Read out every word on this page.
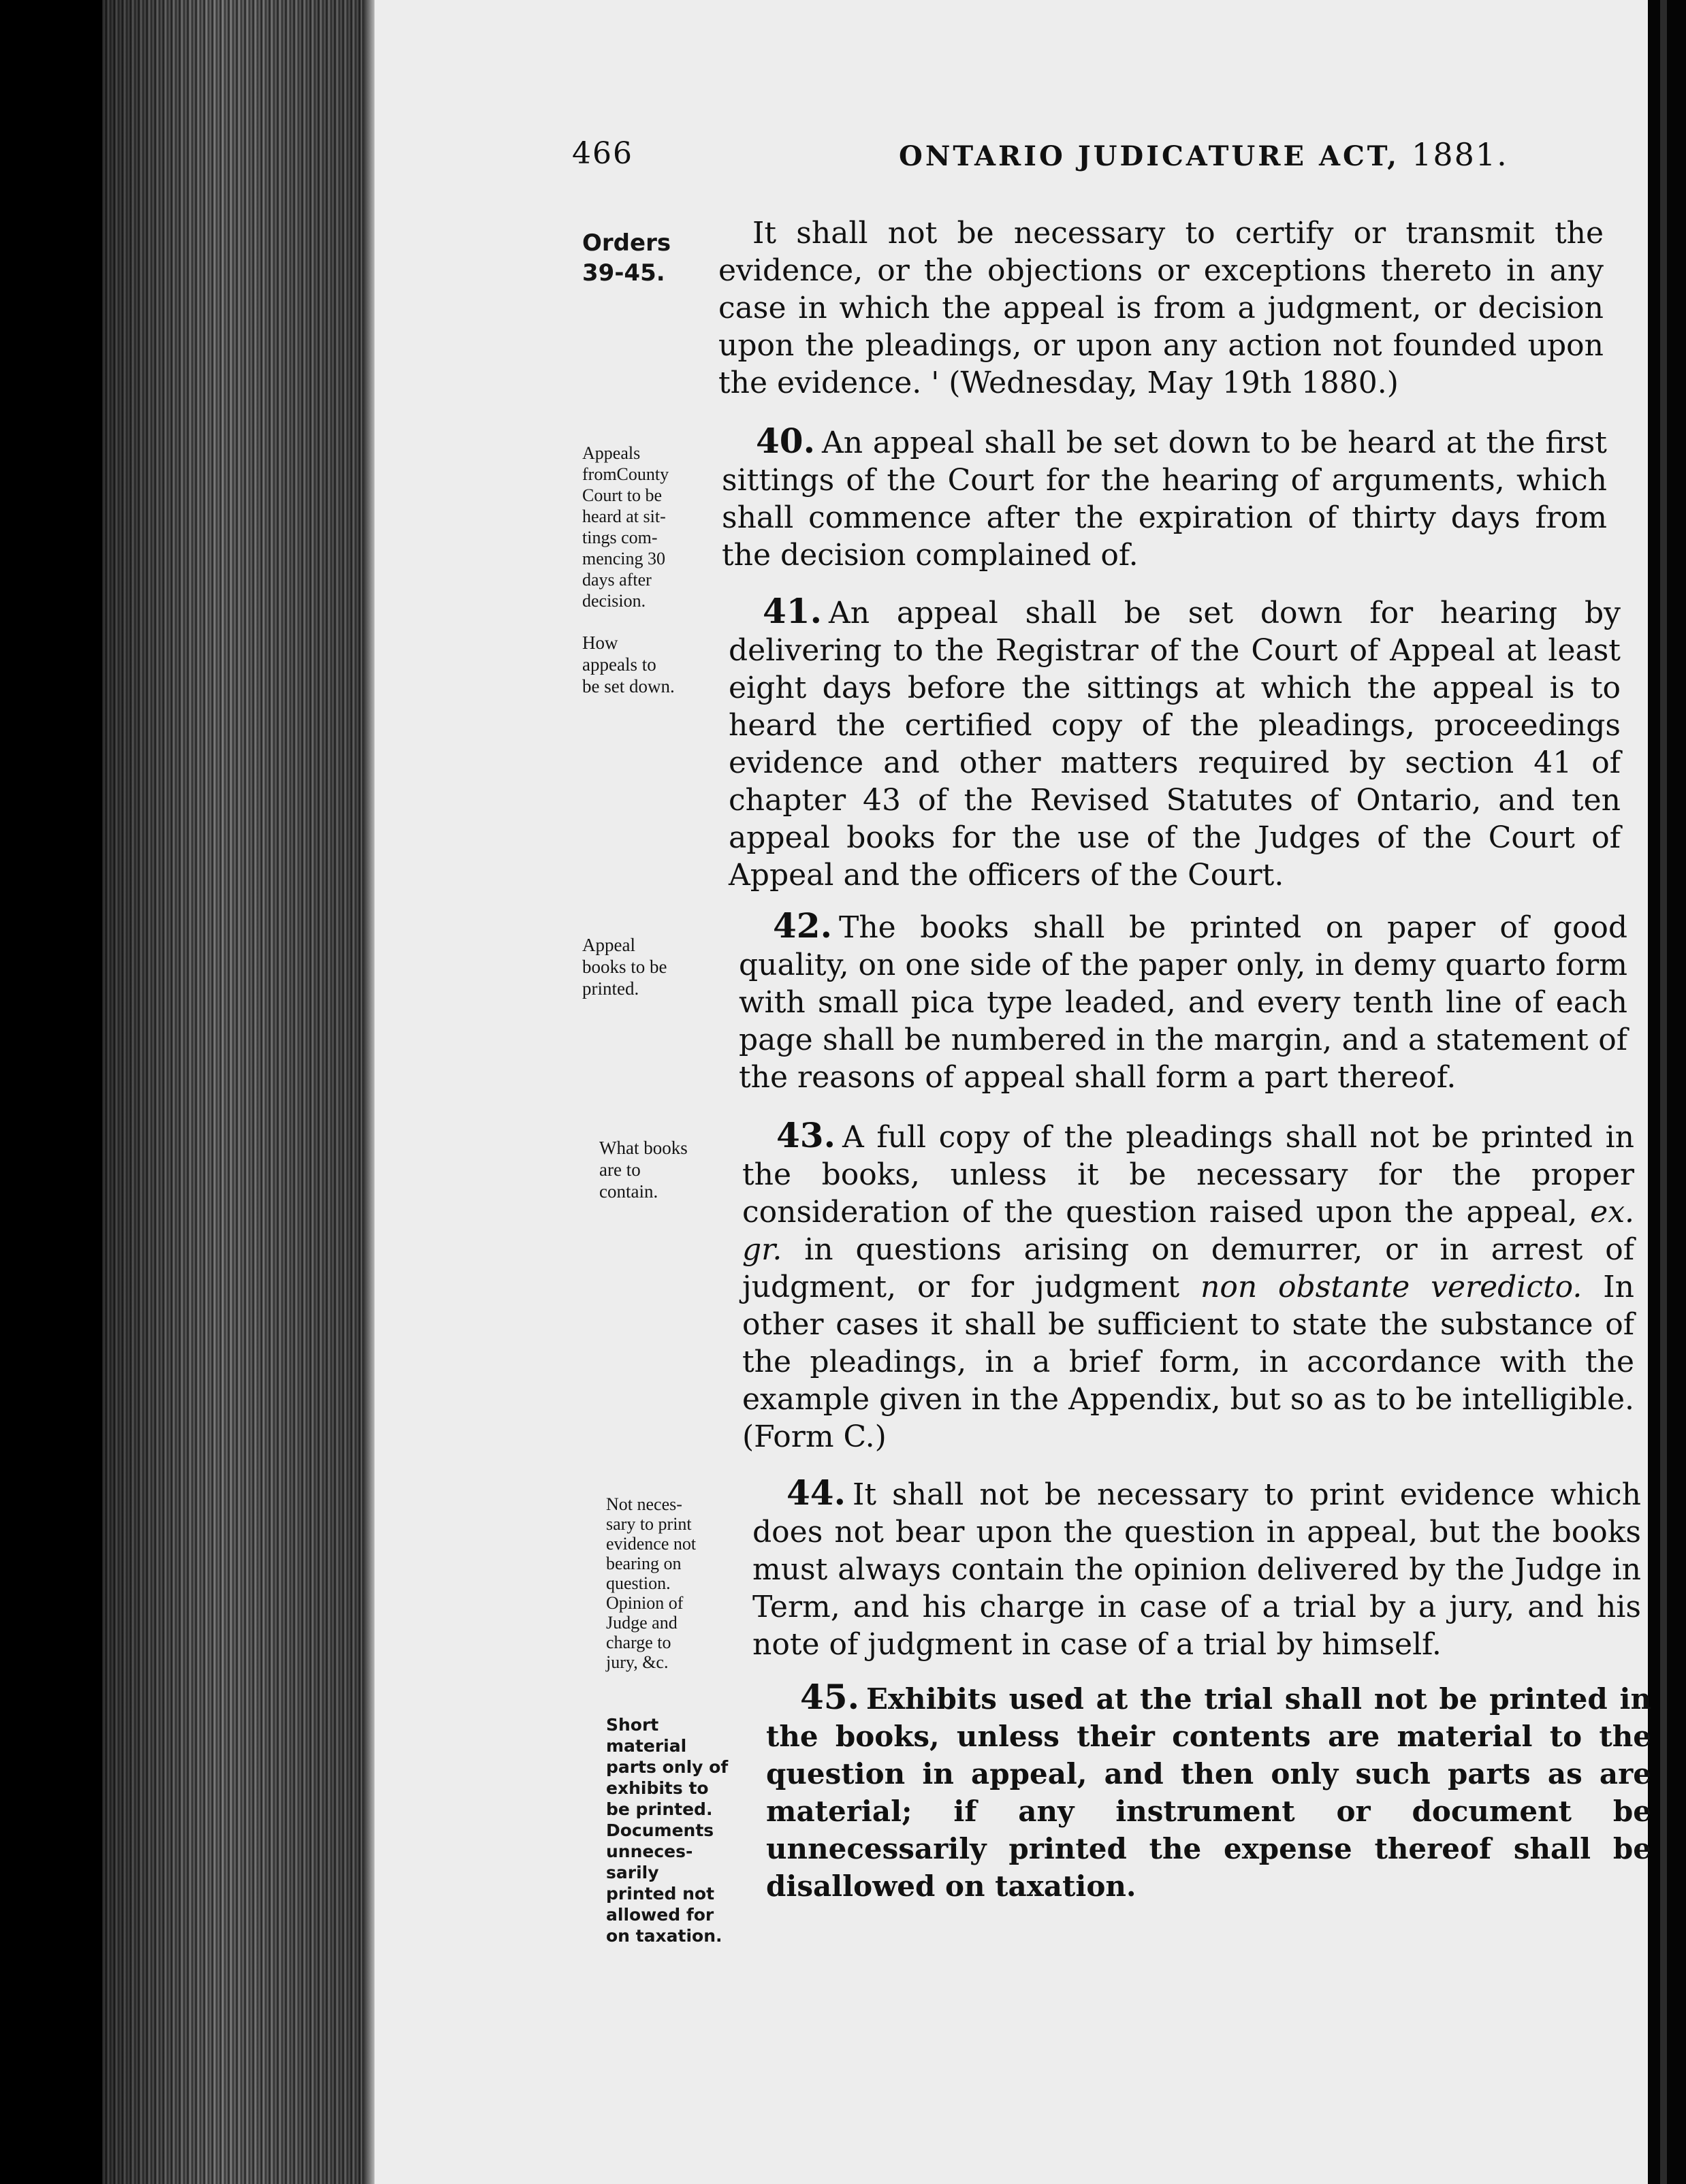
466	ONTARIO JUDICATURE ACT, 1881.
Orders
39-45.
Appeals
fromCounty
Court to be
heard at sit-
tings com-
mencing 30
days after
decision.
How
appeals to
be set down.
Appeal
books to be
printed.
What books
are to
contain.
Not neces-
sary to print
evidence not
bearing on
question.
Opinion of
Judge and
charge to
jury, &c.
Short
material
parts only of
exhibits to
be printed.
Documents
unneces-
sarily
printed not
allowed for
on taxation.
It shall not be necessary to certify or transmit the evidence, or the objections or exceptions thereto in any case in which the appeal is from a judgment, or decision upon the pleadings, or upon any action not founded upon the evidence. ' (Wednesday, May 19th 1880.)
40. An appeal shall be set down to be heard at the first sittings of the Court for the hearing of arguments, which shall commence after the expiration of thirty days from the decision complained of.
41. An appeal shall be set down for hearing by delivering to the Registrar of the Court of Appeal at least eight days before the sittings at which the appeal is to heard the certified copy of the pleadings, proceedings evidence and other matters required by section 41 of chapter 43 of the Revised Statutes of Ontario, and ten appeal books for the use of the Judges of the Court of Appeal and the officers of the Court.
42. The books shall be printed on paper of good quality, on one side of the paper only, in demy quarto form with small pica type leaded, and every tenth line of each page shall be numbered in the margin, and a statement of the reasons of appeal shall form a part thereof.
43. A full copy of the pleadings shall not be printed in the books, unless it be necessary for the proper consideration of the question raised upon the appeal, ex. gr. in questions arising on demurrer, or in arrest of judgment, or for judgment non obstante veredicto. In other cases it shall be sufficient to state the substance of the pleadings, in a brief form, in accordance with the example given in the Appendix, but so as to be intelligible. (Form C.)
44. It shall not be necessary to print evidence which does not bear upon the question in appeal, but the books must always contain the opinion delivered by the Judge in Term, and his charge in case of a trial by a jury, and his note of judgment in case of a trial by himself.
45. Exhibits used at the trial shall not be printed in the books, unless their contents are material to the question in appeal, and then only such parts as are material; if any instrument or document be unnecessarily printed the expense thereof shall be disallowed on taxation.
